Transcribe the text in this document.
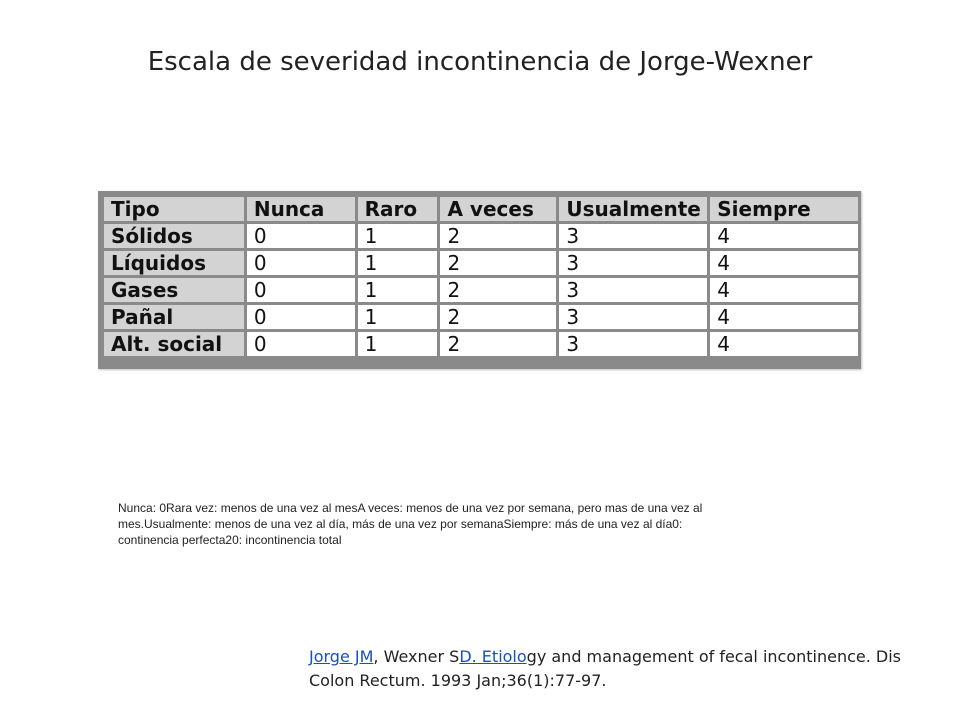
Escala de severidad incontinencia de Jorge-Wexner
Tipo	Nunca	Raro	A veces	Usualmente	Siempre
Sólidos	0	1	2	3	4
Líquidos	0	1	2	3	4
Gases	0	1	2	3	4
Pañal	0	1	2	3	4
Alt. social	0	1	2	3	4

Nunca: 0Rara vez: menos de una vez al mesA veces: menos de una vez por semana, pero mas de una vez al mes.Usualmente: menos de una vez al día, más de una vez por semanaSiempre: más de una vez al día0: continencia perfecta20: incontinencia total

Jorge JM, Wexner SD. Etiology and management of fecal incontinence. Dis Colon Rectum. 1993 Jan;36(1):77-97.
